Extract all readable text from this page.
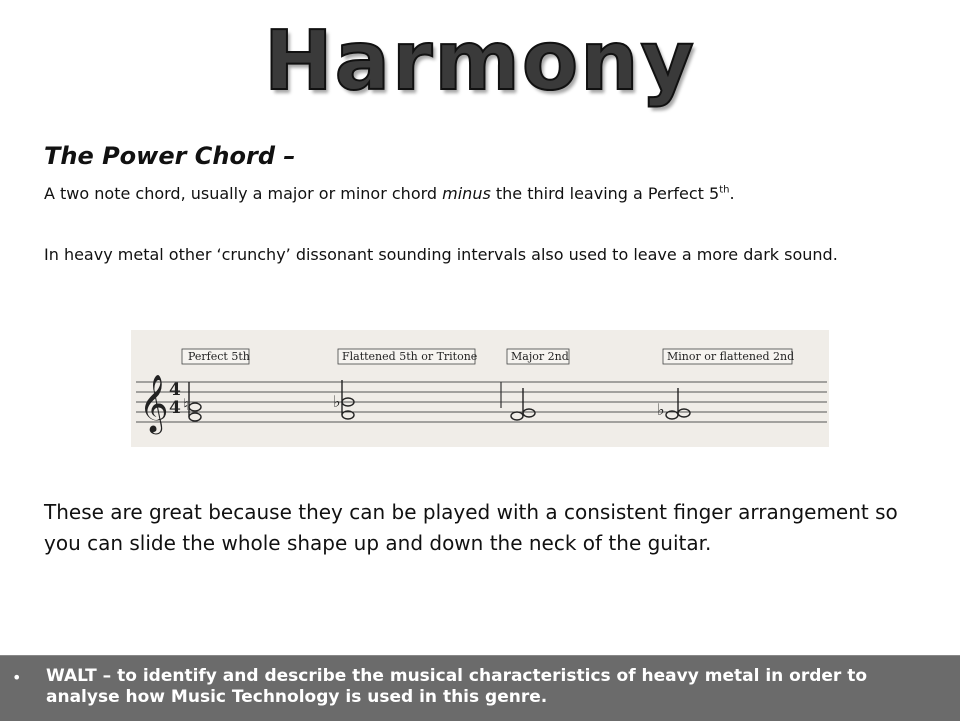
Harmony
The Power Chord –
A two note chord, usually a major or minor chord minus the third leaving a Perfect 5th.
In heavy metal other ‘crunchy’ dissonant sounding intervals also used to leave a more dark sound.
𝄞 4
4
Perfect 5th	Flattened 5th or Tritone	Major 2nd	Minor or flattened 2nd
♮	♭	♭
These are great because they can be played with a consistent finger arrangement so you can slide the whole shape up and down the neck of the guitar.
• WALT – to identify and describe the musical characteristics of heavy metal in order to analyse how Music Technology is used in this genre.
